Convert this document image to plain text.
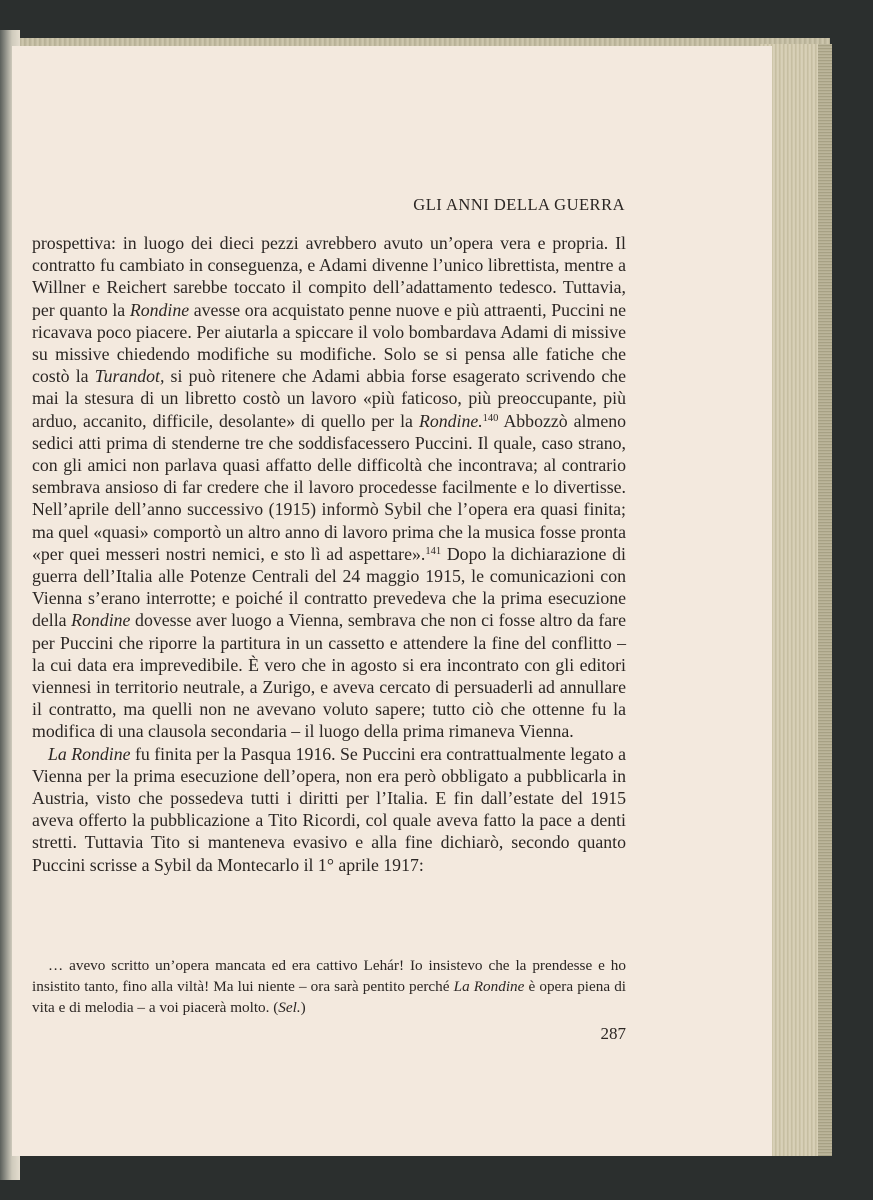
GLI ANNI DELLA GUERRA

prospettiva: in luogo dei dieci pezzi avrebbero avuto un’opera vera e propria. Il contratto fu cambiato in conseguenza, e Adami divenne l’unico librettista, mentre a Willner e Reichert sarebbe toccato il compito dell’adattamento tedesco. Tuttavia, per quanto la Rondine avesse ora acquistato penne nuove e più attraenti, Puccini ne ricavava poco piacere. Per aiutarla a spiccare il volo bombardava Adami di missive su missive chiedendo modifiche su modifiche. Solo se si pensa alle fatiche che costò la Turandot, si può ritenere che Adami abbia forse esagerato scrivendo che mai la stesura di un libretto costò un lavoro «più faticoso, più preoccupante, più arduo, accanito, difficile, desolante» di quello per la Rondine.$^{140}$ Abbozzò almeno sedici atti prima di stenderne tre che soddisfacessero Puccini. Il quale, caso strano, con gli amici non parlava quasi affatto delle difficoltà che incontrava; al contrario sembrava ansioso di far credere che il lavoro procedesse facilmente e lo divertisse. Nell’aprile dell’anno successivo (1915) informò Sybil che l’opera era quasi finita; ma quel «quasi» comportò un altro anno di lavoro prima che la musica fosse pronta «per quei messeri nostri nemici, e sto lì ad aspettare».$^{141}$ Dopo la dichiarazione di guerra dell’Italia alle Potenze Centrali del 24 maggio 1915, le comunicazioni con Vienna s’erano interrotte; e poiché il contratto prevedeva che la prima esecuzione della Rondine dovesse aver luogo a Vienna, sembrava che non ci fosse altro da fare per Puccini che riporre la partitura in un cassetto e attendere la fine del conflitto – la cui data era imprevedibile. È vero che in agosto si era incontrato con gli editori viennesi in territorio neutrale, a Zurigo, e aveva cercato di persuaderli ad annullare il contratto, ma quelli non ne avevano voluto sapere; tutto ciò che ottenne fu la modifica di una clausola secondaria – il luogo della prima rimaneva Vienna.

La Rondine fu finita per la Pasqua 1916. Se Puccini era contrattualmente legato a Vienna per la prima esecuzione dell’opera, non era però obbligato a pubblicarla in Austria, visto che possedeva tutti i diritti per l’Italia. E fin dall’estate del 1915 aveva offerto la pubblicazione a Tito Ricordi, col quale aveva fatto la pace a denti stretti. Tuttavia Tito si manteneva evasivo e alla fine dichiarò, secondo quanto Puccini scrisse a Sybil da Montecarlo il 1° aprile 1917:

… avevo scritto un’opera mancata ed era cattivo Lehár! Io insistevo che la prendesse e ho insistito tanto, fino alla viltà! Ma lui niente – ora sarà pentito perché La Rondine è opera piena di vita e di melodia – a voi piacerà molto. (Sel.)

287
